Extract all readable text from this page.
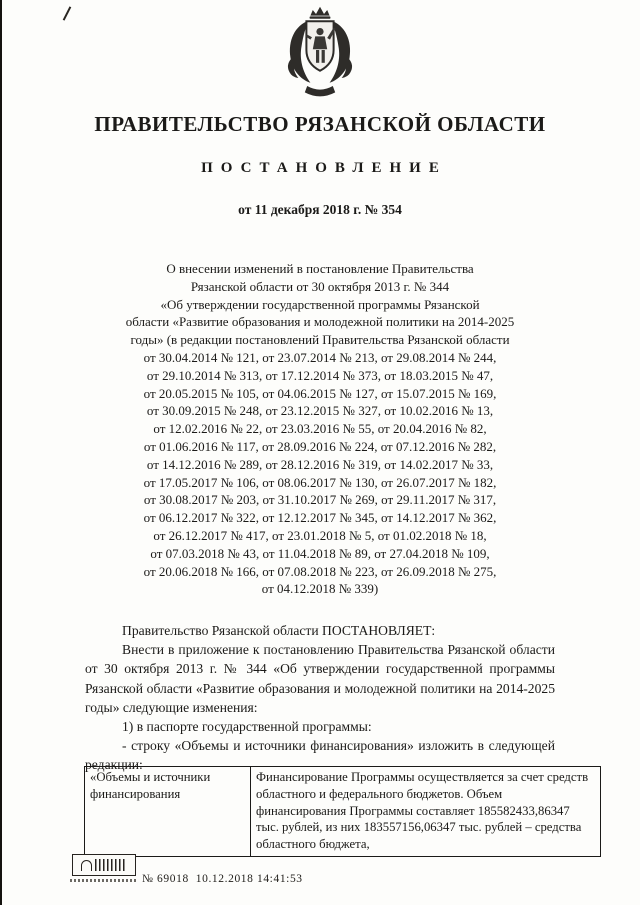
ПРАВИТЕЛЬСТВО РЯЗАНСКОЙ ОБЛАСТИ
ПОСТАНОВЛЕНИЕ
от 11 декабря 2018 г. № 354
О внесении изменений в постановление Правительства
Рязанской области от 30 октября 2013 г. № 344
«Об утверждении государственной программы Рязанской
области «Развитие образования и молодежной политики на 2014-2025
годы» (в редакции постановлений Правительства Рязанской области
от 30.04.2014 № 121, от 23.07.2014 № 213, от 29.08.2014 № 244,
от 29.10.2014 № 313, от 17.12.2014 № 373, от 18.03.2015 № 47,
от 20.05.2015 № 105, от 04.06.2015 № 127, от 15.07.2015 № 169,
от 30.09.2015 № 248, от 23.12.2015 № 327, от 10.02.2016 № 13,
от 12.02.2016 № 22, от 23.03.2016 № 55, от 20.04.2016 № 82,
от 01.06.2016 № 117, от 28.09.2016 № 224, от 07.12.2016 № 282,
от 14.12.2016 № 289, от 28.12.2016 № 319, от 14.02.2017 № 33,
от 17.05.2017 № 106, от 08.06.2017 № 130, от 26.07.2017 № 182,
от 30.08.2017 № 203, от 31.10.2017 № 269, от 29.11.2017 № 317,
от 06.12.2017 № 322, от 12.12.2017 № 345, от 14.12.2017 № 362,
от 26.12.2017 № 417, от 23.01.2018 № 5, от 01.02.2018 № 18,
от 07.03.2018 № 43, от 11.04.2018 № 89, от 27.04.2018 № 109,
от 20.06.2018 № 166, от 07.08.2018 № 223, от 26.09.2018 № 275,
от 04.12.2018 № 339)

Правительство Рязанской области ПОСТАНОВЛЯЕТ:

Внести в приложение к постановлению Правительства Рязанской области от 30 октября 2013 г. № 344 «Об утверждении государственной программы Рязанской области «Развитие образования и молодежной политики на 2014-2025 годы» следующие изменения:

1) в паспорте государственной программы:

- строку «Объемы и источники финансирования» изложить в следующей редакции:

«Объемы и источники финансирования	Финансирование Программы осуществляется за счет средств областного и федерального бюджетов. Объем финансирования Программы составляет 185582433,86347 тыс. рублей, из них 183557156,06347 тыс. рублей – средства областного бюджета,
№ 69018  10.12.2018 14:41:53
